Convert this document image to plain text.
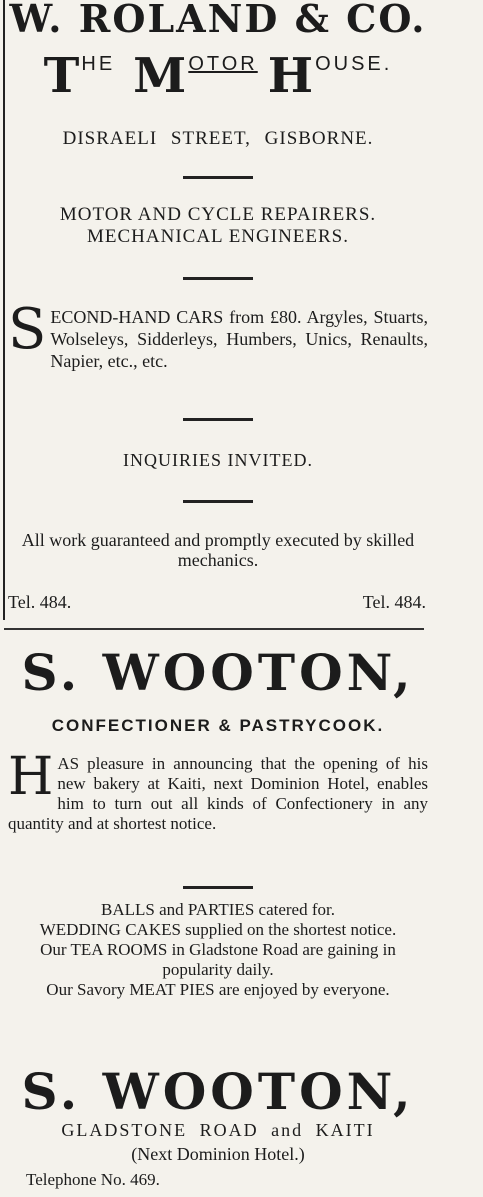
W. ROLAND & CO.
THE MOTOR HOUSE.
DISRAELI STREET, GISBORNE.
MOTOR AND CYCLE REPAIRERS.
MECHANICAL ENGINEERS.
SECOND-HAND CARS from £80. Argyles, Stuarts, Wolseleys, Sidderleys, Humbers, Unics, Renaults, Napier, etc., etc.
INQUIRIES INVITED.
All work guaranteed and promptly executed by skilled mechanics.
Tel. 484.	Tel. 484.
S. WOOTON,
CONFECTIONER & PASTRYCOOK.
HAS pleasure in announcing that the opening of his new bakery at Kaiti, next Dominion Hotel, enables him to turn out all kinds of Confectionery in any quantity and at shortest notice.
BALLS and PARTIES catered for.
WEDDING CAKES supplied on the shortest notice.
Our TEA ROOMS in Gladstone Road are gaining in popularity daily.
Our Savory MEAT PIES are enjoyed by everyone.
S. WOOTON,
GLADSTONE ROAD and KAITI
(Next Dominion Hotel.)
Telephone No. 469.
